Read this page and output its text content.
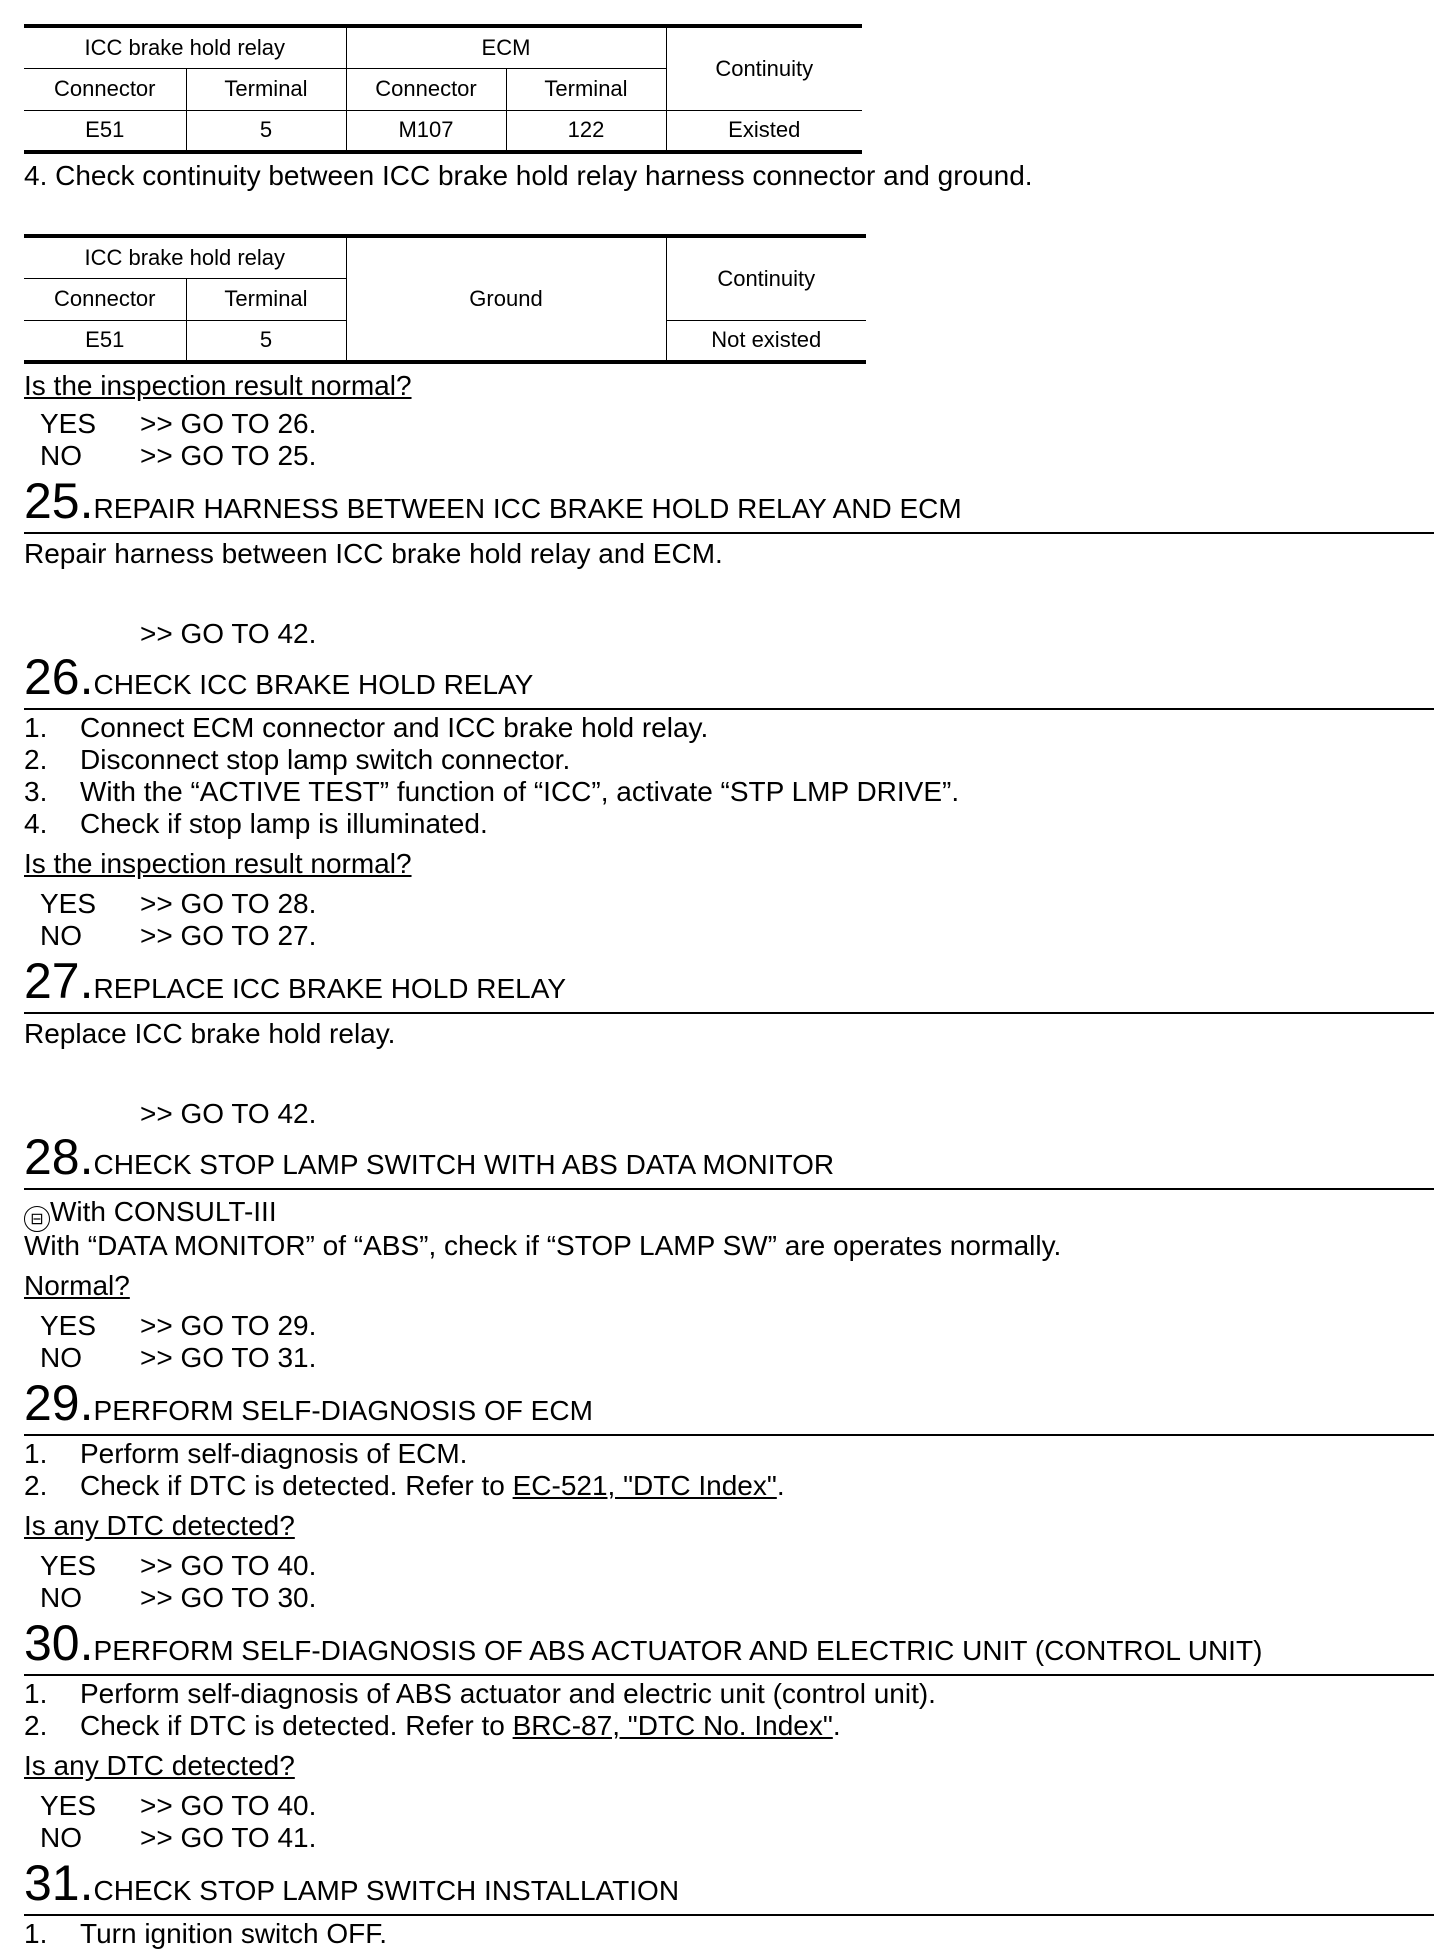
ICC brake hold relay		ECM		Continuity
Connector	Terminal	Connector	Terminal	
E51	5	M107	122	Existed
4. Check continuity between ICC brake hold relay harness connector and ground.
ICC brake hold relay		Ground	Continuity
Connector	Terminal		
E51	5		Not existed
Is the inspection result normal?
YES >> GO TO 26.
NO >> GO TO 25.
25.REPAIR HARNESS BETWEEN ICC BRAKE HOLD RELAY AND ECM
Repair harness between ICC brake hold relay and ECM.
>> GO TO 42.
26.CHECK ICC BRAKE HOLD RELAY
1. Connect ECM connector and ICC brake hold relay.
2. Disconnect stop lamp switch connector.
3. With the “ACTIVE TEST” function of “ICC”, activate “STP LMP DRIVE”.
4. Check if stop lamp is illuminated.
Is the inspection result normal?
YES >> GO TO 28.
NO >> GO TO 27.
27.REPLACE ICC BRAKE HOLD RELAY
Replace ICC brake hold relay.
>> GO TO 42.
28.CHECK STOP LAMP SWITCH WITH ABS DATA MONITOR
⊟ With CONSULT-III
With “DATA MONITOR” of “ABS”, check if “STOP LAMP SW” are operates normally.
Normal?
YES >> GO TO 29.
NO >> GO TO 31.
29.PERFORM SELF-DIAGNOSIS OF ECM
1. Perform self-diagnosis of ECM.
2. Check if DTC is detected. Refer to EC-521, "DTC Index".
Is any DTC detected?
YES >> GO TO 40.
NO >> GO TO 30.
30.PERFORM SELF-DIAGNOSIS OF ABS ACTUATOR AND ELECTRIC UNIT (CONTROL UNIT)
1. Perform self-diagnosis of ABS actuator and electric unit (control unit).
2. Check if DTC is detected. Refer to BRC-87, "DTC No. Index".
Is any DTC detected?
YES >> GO TO 40.
NO >> GO TO 41.
31.CHECK STOP LAMP SWITCH INSTALLATION
1. Turn ignition switch OFF.
